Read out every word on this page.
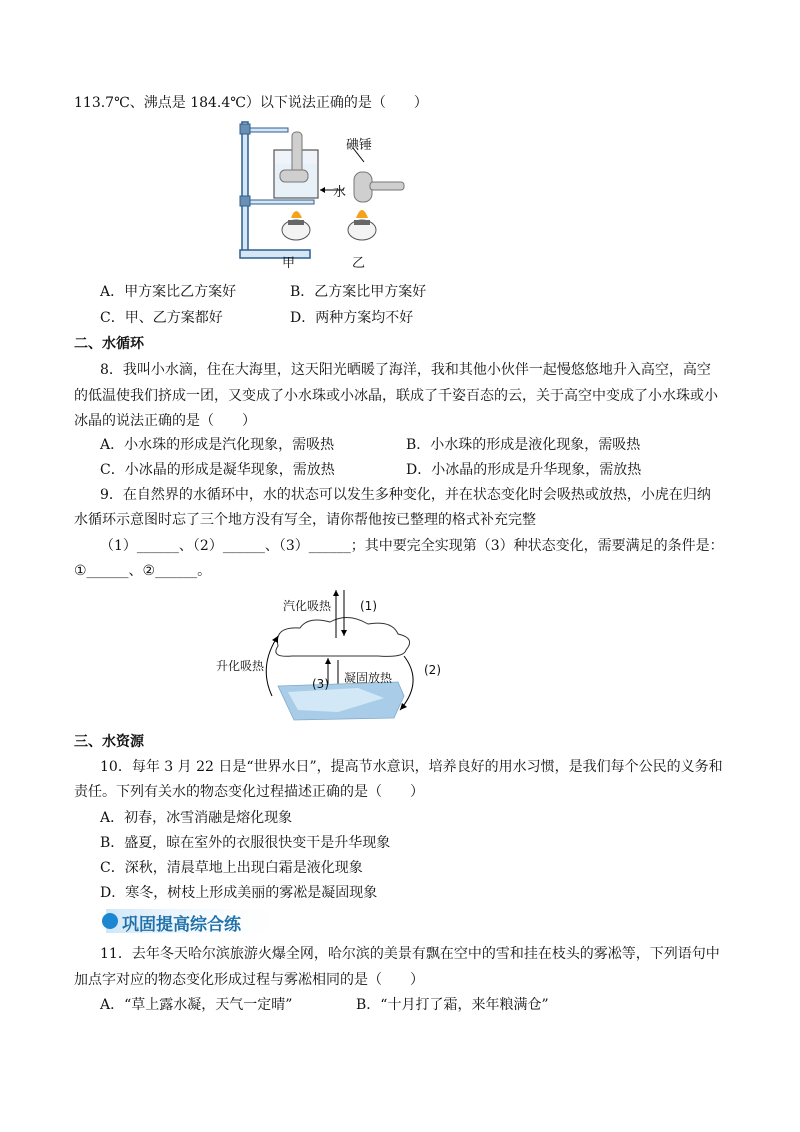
113.7℃、沸点是 184.4℃）以下说法正确的是（　　）
碘锤
水
甲	乙
A．甲方案比乙方案好	B．乙方案比甲方案好
C．甲、乙方案都好	D．两种方案均不好
二、水循环
8．我叫小水滴，住在大海里，这天阳光晒暖了海洋，我和其他小伙伴一起慢悠悠地升入高空，高空
的低温使我们挤成一团，又变成了小水珠或小冰晶，联成了千姿百态的云，关于高空中变成了小水珠或小
冰晶的说法正确的是（　　）
A．小水珠的形成是汽化现象，需吸热	B．小水珠的形成是液化现象，需吸热
C．小冰晶的形成是凝华现象，需放热	D．小冰晶的形成是升华现象，需放热
9．在自然界的水循环中，水的状态可以发生多种变化，并在状态变化时会吸热或放热，小虎在归纳
水循环示意图时忘了三个地方没有写全，请你帮他按已整理的格式补充完整
（1）______、（2）______、（3）______；其中要完全实现第（3）种状态变化，需要满足的条件是：
①______、②______。
汽化吸热 (1)
升化吸热
(3) 凝固放热
(2)
三、水资源
10．每年 3 月 22 日是“世界水日”，提高节水意识，培养良好的用水习惯，是我们每个公民的义务和
责任。下列有关水的物态变化过程描述正确的是（　　）
A．初春，冰雪消融是熔化现象
B．盛夏，晾在室外的衣服很快变干是升华现象
C．深秋，清晨草地上出现白霜是液化现象
D．寒冬，树枝上形成美丽的雾凇是凝固现象
巩固提高综合练
11．去年冬天哈尔滨旅游火爆全网，哈尔滨的美景有飘在空中的雪和挂在枝头的雾凇等，下列语句中
加点字对应的物态变化形成过程与雾凇相同的是（　　）
A．“草上露水凝，天气一定晴”	B．“十月打了霜，来年粮满仓”
